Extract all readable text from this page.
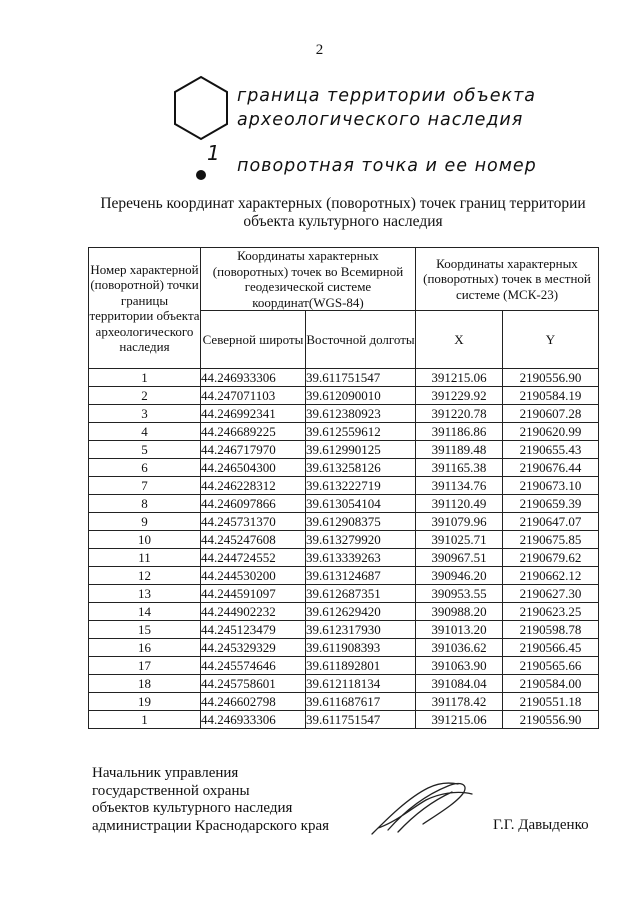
2
граница территории объекта
археологического наследия
1
поворотная точка и ее номер
Перечень координат характерных (поворотных) точек границ территории
объекта культурного наследия
Номер характерной (поворотной) точки границы территории объекта археологического наследия	Координаты характерных (поворотных) точек во Всемирной геодезической системе координат(WGS-84)		Координаты характерных (поворотных) точек в местной системе (МСК-23)	
	Северной широты	Восточной долготы	X	Y
1	44.246933306	39.611751547	391215.06	2190556.90
2	44.247071103	39.612090010	391229.92	2190584.19
3	44.246992341	39.612380923	391220.78	2190607.28
4	44.246689225	39.612559612	391186.86	2190620.99
5	44.246717970	39.612990125	391189.48	2190655.43
6	44.246504300	39.613258126	391165.38	2190676.44
7	44.246228312	39.613222719	391134.76	2190673.10
8	44.246097866	39.613054104	391120.49	2190659.39
9	44.245731370	39.612908375	391079.96	2190647.07
10	44.245247608	39.613279920	391025.71	2190675.85
11	44.244724552	39.613339263	390967.51	2190679.62
12	44.244530200	39.613124687	390946.20	2190662.12
13	44.244591097	39.612687351	390953.55	2190627.30
14	44.244902232	39.612629420	390988.20	2190623.25
15	44.245123479	39.612317930	391013.20	2190598.78
16	44.245329329	39.611908393	391036.62	2190566.45
17	44.245574646	39.611892801	391063.90	2190565.66
18	44.245758601	39.612118134	391084.04	2190584.00
19	44.246602798	39.611687617	391178.42	2190551.18
1	44.246933306	39.611751547	391215.06	2190556.90
Начальник управления
государственной охраны
объектов культурного наследия
администрации Краснодарского края	Г.Г. Давыденко
